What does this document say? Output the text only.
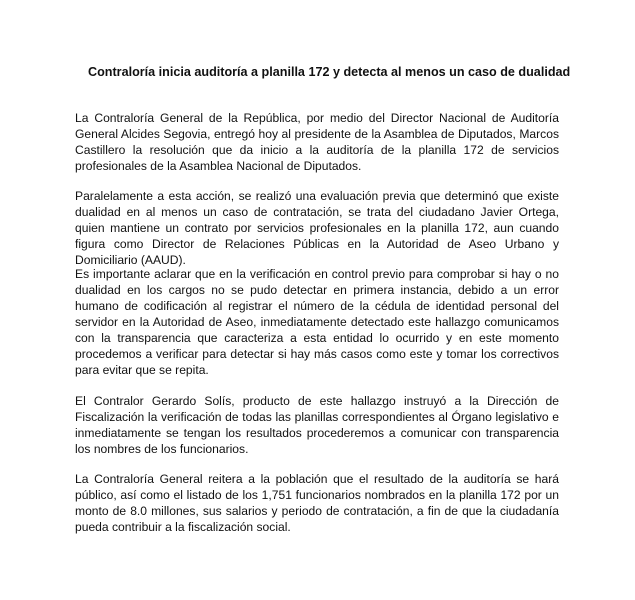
Contraloría inicia auditoría a planilla 172 y detecta al menos un caso de dualidad

La Contraloría General de la República, por medio del Director Nacional de Auditoría General Alcides Segovia, entregó hoy al presidente de la Asamblea de Diputados, Marcos Castillero la resolución que da inicio a la auditoría de la planilla 172 de servicios profesionales de la Asamblea Nacional de Diputados.

Paralelamente a esta acción, se realizó una evaluación previa que determinó que existe dualidad en al menos un caso de contratación, se trata del ciudadano Javier Ortega, quien mantiene un contrato por servicios profesionales en la planilla 172, aun cuando figura como Director de Relaciones Públicas en la Autoridad de Aseo Urbano y Domiciliario (AAUD).

Es importante aclarar que en la verificación en control previo para comprobar si hay o no dualidad en los cargos no se pudo detectar en primera instancia, debido a un error humano de codificación al registrar el número de la cédula de identidad personal del servidor en la Autoridad de Aseo, inmediatamente detectado este hallazgo comunicamos con la transparencia que caracteriza a esta entidad lo ocurrido y en este momento procedemos a verificar para detectar si hay más casos como este y tomar los correctivos para evitar que se repita.

El Contralor Gerardo Solís, producto de este hallazgo instruyó a la Dirección de Fiscalización la verificación de todas las planillas correspondientes al Órgano legislativo e inmediatamente se tengan los resultados procederemos a comunicar con transparencia los nombres de los funcionarios.

La Contraloría General reitera a la población que el resultado de la auditoría se hará público, así como el listado de los 1,751 funcionarios nombrados en la planilla 172 por un monto de 8.0 millones, sus salarios y periodo de contratación, a fin de que la ciudadanía pueda contribuir a la fiscalización social.
